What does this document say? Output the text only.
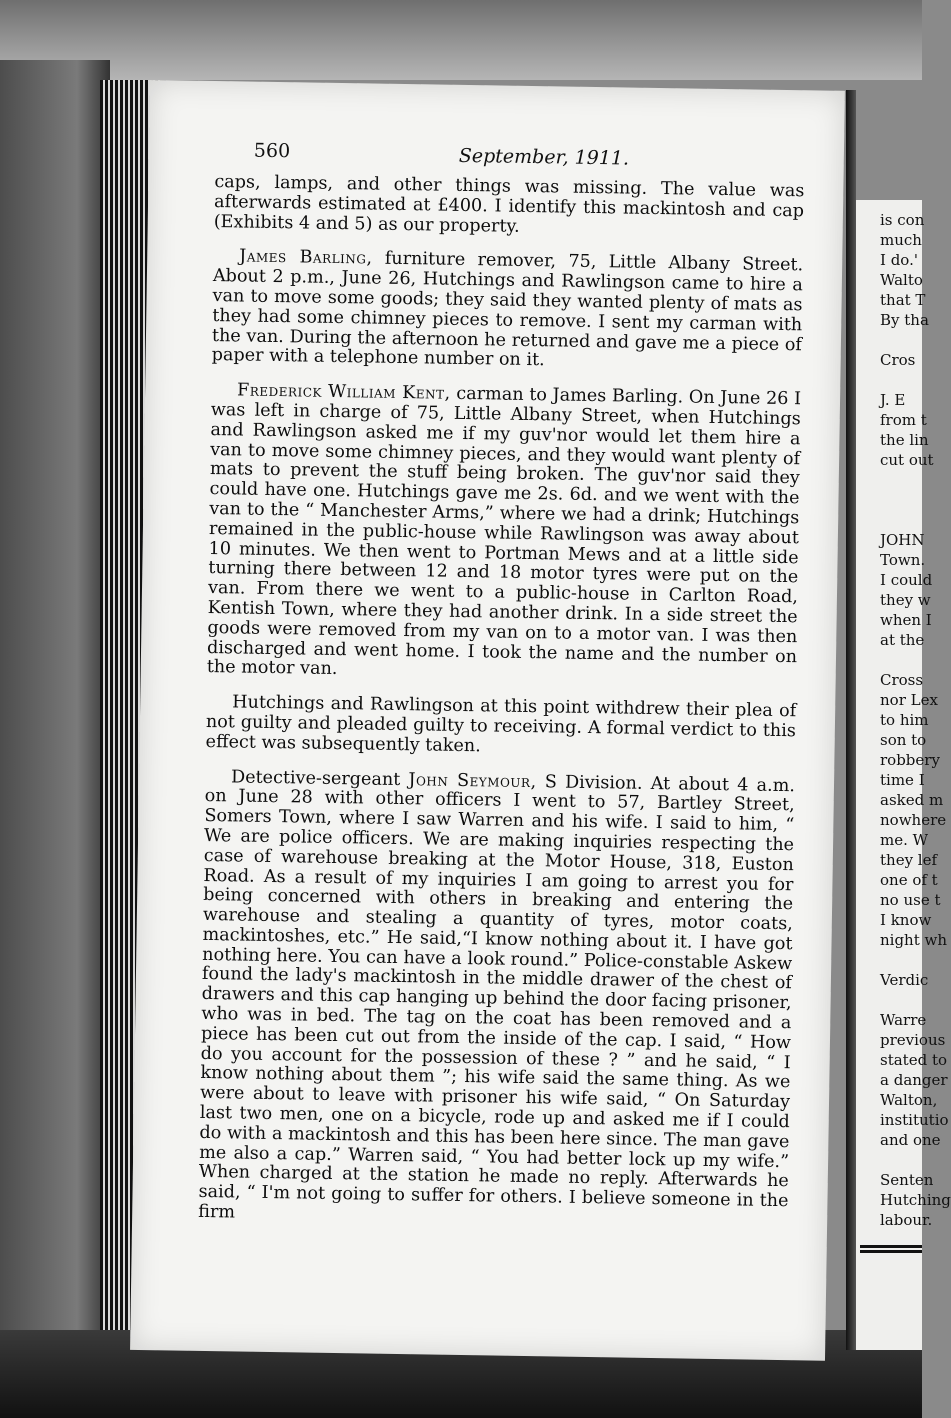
is con
much
I do.'
Walto
that T
By tha
Cros
J. E
from t
the lin
cut out
JOHN
Town.
I could
they w
when I
at the
Cross
nor Lex
to him
son to
robbery
time I
asked m
nowhere
me. W
they lef
one of t
no use t
I know
night wh
Verdic
Warre
previous
stated to
a danger
Walton,
institutio
and one
Senten
Hutching
labour.
560	September, 1911.

caps, lamps, and other things was missing. The value was afterwards estimated at £400. I identify this mackintosh and cap (Exhibits 4 and 5) as our property.

James Barling, furniture remover, 75, Little Albany Street. About 2 p.m., June 26, Hutchings and Rawlingson came to hire a van to move some goods; they said they wanted plenty of mats as they had some chimney pieces to remove. I sent my carman with the van. During the afternoon he returned and gave me a piece of paper with a telephone number on it.

Frederick William Kent, carman to James Barling. On June 26 I was left in charge of 75, Little Albany Street, when Hutchings and Rawlingson asked me if my guv'nor would let them hire a van to move some chimney pieces, and they would want plenty of mats to prevent the stuff being broken. The guv'nor said they could have one. Hutchings gave me 2s. 6d. and we went with the van to the “ Manchester Arms,” where we had a drink; Hutchings remained in the public-house while Rawlingson was away about 10 minutes. We then went to Portman Mews and at a little side turning there between 12 and 18 motor tyres were put on the van. From there we went to a public-house in Carlton Road, Kentish Town, where they had another drink. In a side street the goods were removed from my van on to a motor van. I was then discharged and went home. I took the name and the number on the motor van.

Hutchings and Rawlingson at this point withdrew their plea of not guilty and pleaded guilty to receiving. A formal verdict to this effect was subsequently taken.

Detective-sergeant John Seymour, S Division. At about 4 a.m. on June 28 with other officers I went to 57, Bartley Street, Somers Town, where I saw Warren and his wife. I said to him, “ We are police officers. We are making inquiries respecting the case of warehouse breaking at the Motor House, 318, Euston Road. As a result of my inquiries I am going to arrest you for being concerned with others in breaking and entering the warehouse and stealing a quantity of tyres, motor coats, mackintoshes, etc.” He said,“I know nothing about it. I have got nothing here. You can have a look round.” Police-constable Askew found the lady's mackintosh in the middle drawer of the chest of drawers and this cap hanging up behind the door facing prisoner, who was in bed. The tag on the coat has been removed and a piece has been cut out from the inside of the cap. I said, “ How do you account for the possession of these ? ” and he said, “ I know nothing about them ”; his wife said the same thing. As we were about to leave with prisoner his wife said, “ On Saturday last two men, one on a bicycle, rode up and asked me if I could do with a mackintosh and this has been here since. The man gave me also a cap.” Warren said, “ You had better lock up my wife.” When charged at the station he made no reply. Afterwards he said, “ I'm not going to suffer for others. I believe someone in the firm
